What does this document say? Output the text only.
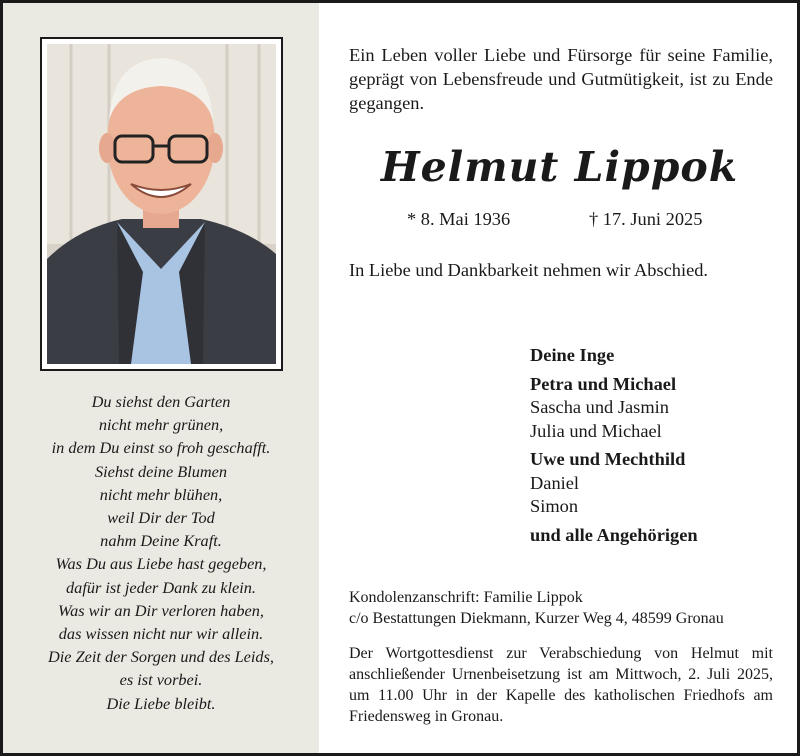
Du siehst den Garten
nicht mehr grünen,
in dem Du einst so froh geschafft.
Siehst deine Blumen
nicht mehr blühen,
weil Dir der Tod
nahm Deine Kraft.
Was Du aus Liebe hast gegeben,
dafür ist jeder Dank zu klein.
Was wir an Dir verloren haben,
das wissen nicht nur wir allein.
Die Zeit der Sorgen und des Leids,
es ist vorbei.
Die Liebe bleibt.
Ein Leben voller Liebe und Fürsorge für seine Familie, geprägt von Lebensfreude und Gutmütigkeit, ist zu Ende gegangen.
Helmut Lippok
* 8. Mai 1936	† 17. Juni 2025
In Liebe und Dankbarkeit nehmen wir Abschied.
Deine Inge
Petra und Michael
Sascha und Jasmin
Julia und Michael
Uwe und Mechthild
Daniel
Simon
und alle Angehörigen
Kondolenzanschrift: Familie Lippok
c/o Bestattungen Diekmann, Kurzer Weg 4, 48599 Gronau
Der Wortgottesdienst zur Verabschiedung von Helmut mit anschließender Urnenbeisetzung ist am Mittwoch, 2. Juli 2025, um 11.00 Uhr in der Kapelle des katholischen Friedhofs am Friedensweg in Gronau.
